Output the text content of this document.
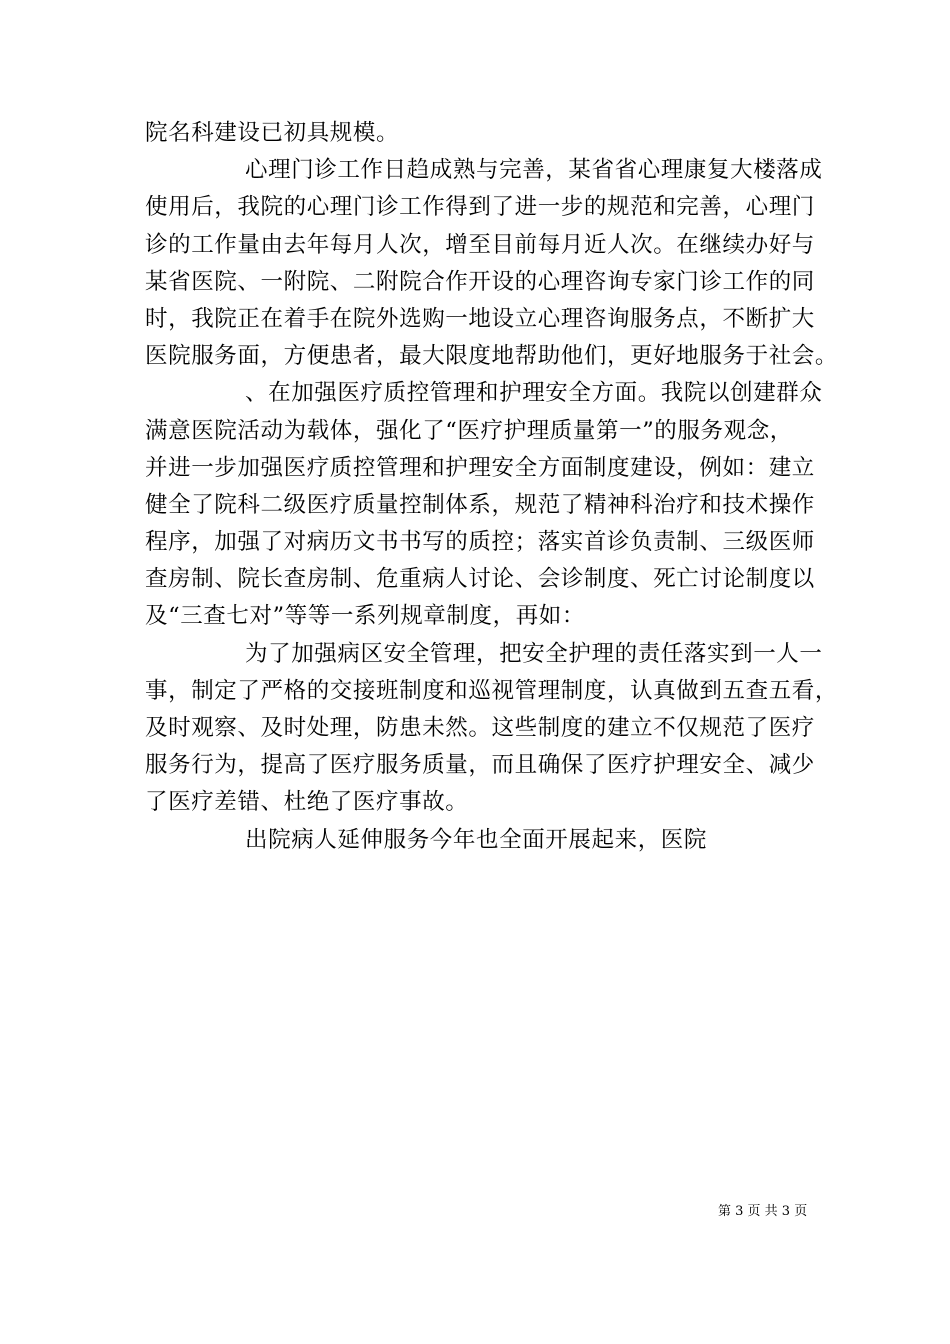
院名科建设已初具规模。
心理门诊工作日趋成熟与完善，某省省心理康复大楼落成
使用后，我院的心理门诊工作得到了进一步的规范和完善，心理门
诊的工作量由去年每月人次，增至目前每月近人次。在继续办好与
某省医院、一附院、二附院合作开设的心理咨询专家门诊工作的同
时，我院正在着手在院外选购一地设立心理咨询服务点，不断扩大
医院服务面，方便患者，最大限度地帮助他们，更好地服务于社会。
、在加强医疗质控管理和护理安全方面。我院以创建群众
满意医院活动为载体，强化了“医疗护理质量第一”的服务观念，
并进一步加强医疗质控管理和护理安全方面制度建设，例如：建立
健全了院科二级医疗质量控制体系，规范了精神科治疗和技术操作
程序，加强了对病历文书书写的质控；落实首诊负责制、三级医师
查房制、院长查房制、危重病人讨论、会诊制度、死亡讨论制度以
及“三查七对”等等一系列规章制度，再如：
为了加强病区安全管理，把安全护理的责任落实到一人一
事，制定了严格的交接班制度和巡视管理制度，认真做到五查五看，
及时观察、及时处理，防患未然。这些制度的建立不仅规范了医疗
服务行为，提高了医疗服务质量，而且确保了医疗护理安全、减少
了医疗差错、杜绝了医疗事故。
出院病人延伸服务今年也全面开展起来，医院
第 3 页 共 3 页
